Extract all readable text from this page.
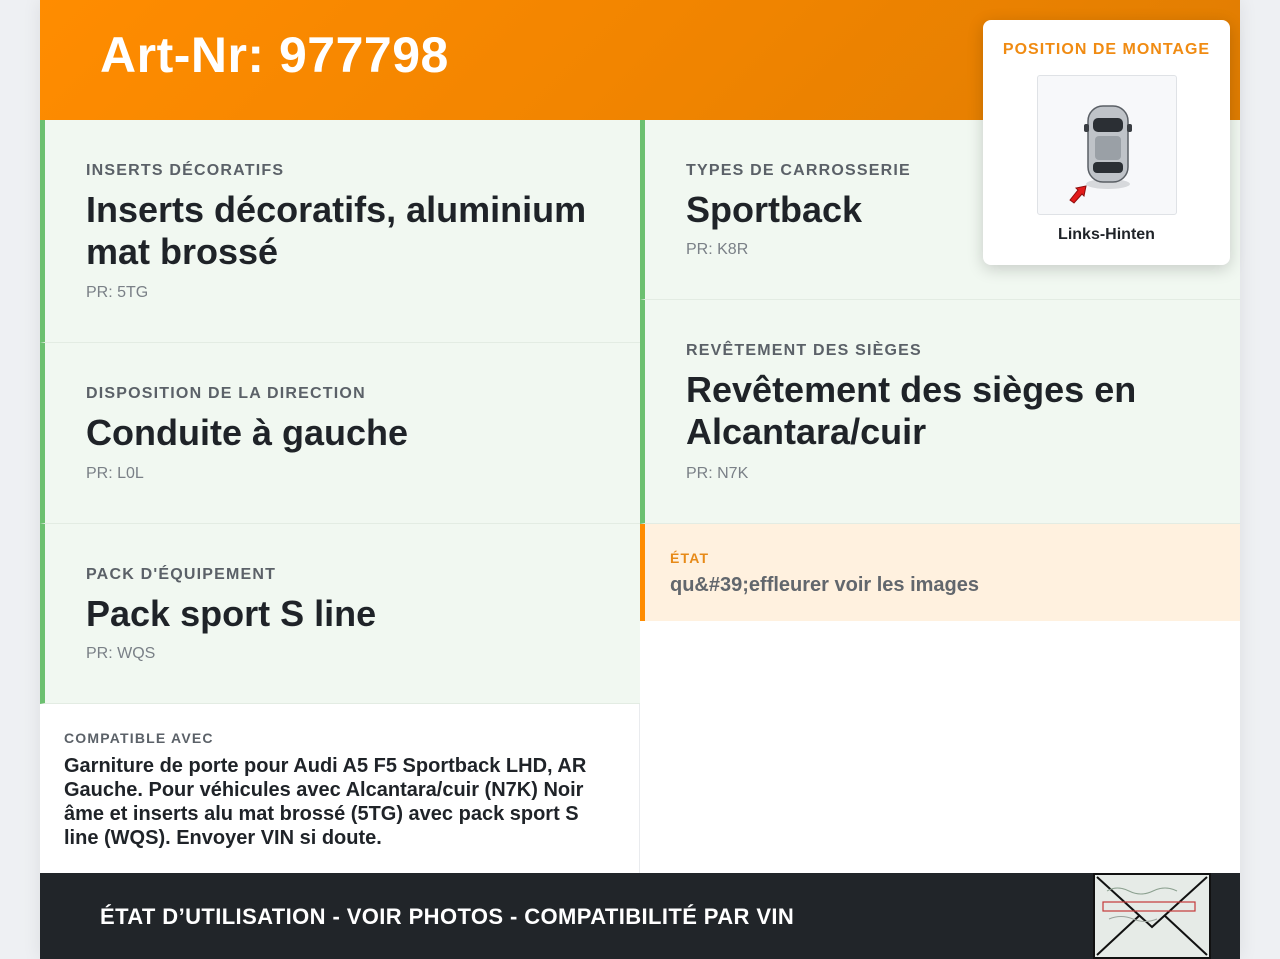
Art-Nr: 977798
INSERTS DÉCORATIFS
Inserts décoratifs, aluminium mat brossé
PR: 5TG
TYPES DE CARROSSERIE
Sportback
PR: K8R
DISPOSITION DE LA DIRECTION
Conduite à gauche
PR: L0L
REVÊTEMENT DES SIÈGES
Revêtement des sièges en Alcantara/cuir
PR: N7K
PACK D'ÉQUIPEMENT
Pack sport S line
PR: WQS
ÉTAT
qu&#39;effleurer voir les images
COMPATIBLE AVEC
Garniture de porte pour Audi A5 F5 Sportback LHD, AR Gauche. Pour véhicules avec Alcantara/cuir (N7K) Noir âme et inserts alu mat brossé (5TG) avec pack sport S line (WQS). Envoyer VIN si doute.
ÉTAT D’UTILISATION - VOIR PHOTOS - COMPATIBILITÉ PAR VIN
POSITION DE MONTAGE
Links-Hinten
